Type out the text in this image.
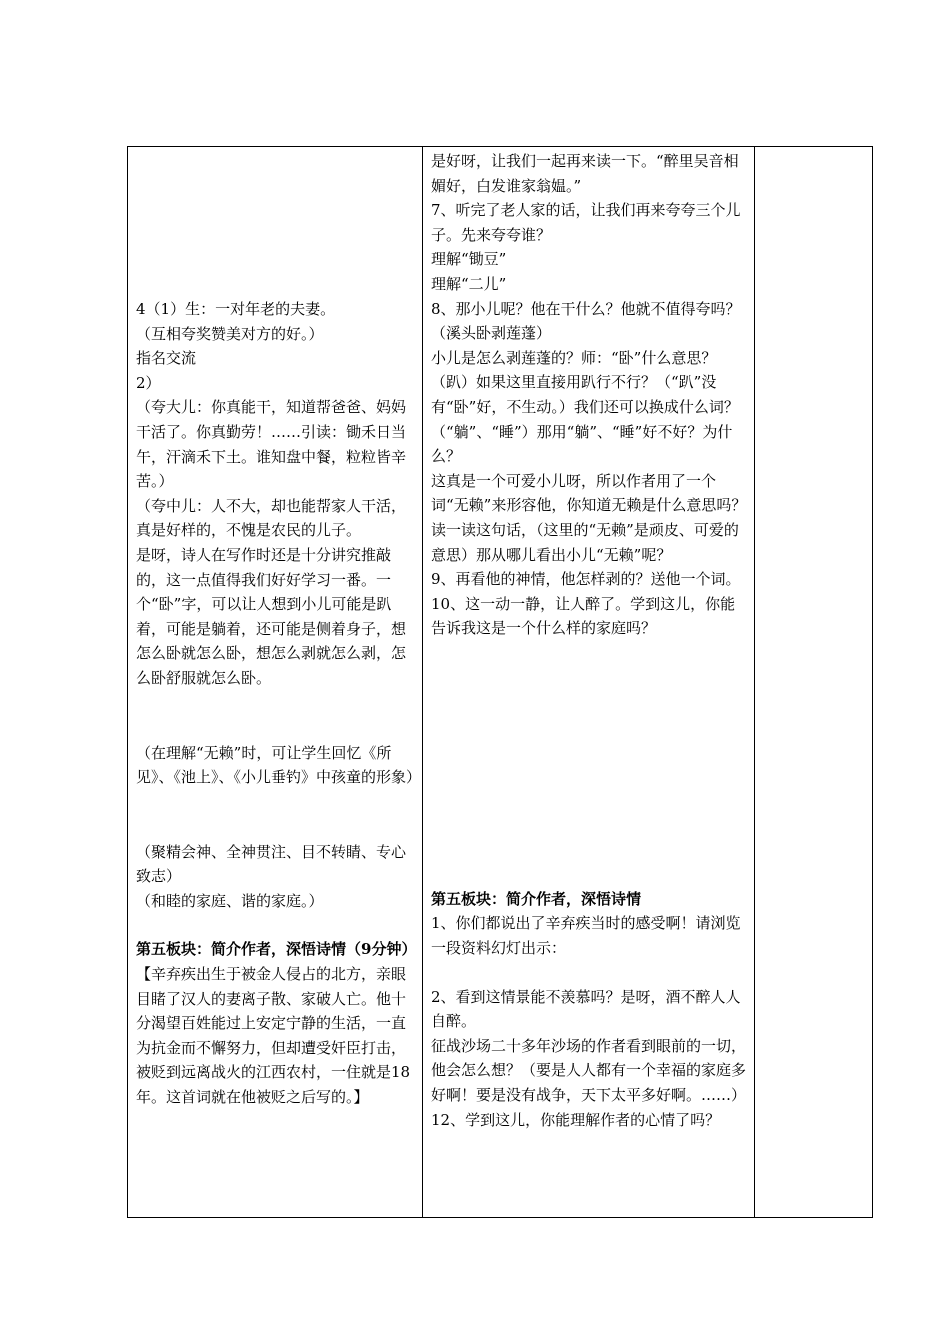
4（1）生：一对年老的夫妻。
（互相夸奖赞美对方的好。）
指名交流
2）
（夸大儿：你真能干，知道帮爸爸、妈妈干活了。你真勤劳！……引读：锄禾日当午，汗滴禾下土。谁知盘中餐，粒粒皆辛苦。）
（夸中儿：人不大，却也能帮家人干活，真是好样的，不愧是农民的儿子。
是呀，诗人在写作时还是十分讲究推敲的，这一点值得我们好好学习一番。一个“卧”字，可以让人想到小儿可能是趴着，可能是躺着，还可能是侧着身子，想怎么卧就怎么卧，想怎么剥就怎么剥，怎么卧舒服就怎么卧。
（在理解“无赖”时，可让学生回忆《所见》、《池上》、《小儿垂钓》中孩童的形象）
（聚精会神、全神贯注、目不转睛、专心致志）
（和睦的家庭、谐的家庭。）
第五板块：简介作者，深悟诗情（9分钟）
【辛弃疾出生于被金人侵占的北方，亲眼目睹了汉人的妻离子散、家破人亡。他十分渴望百姓能过上安定宁静的生活，一直为抗金而不懈努力，但却遭受奸臣打击，被贬到远离战火的江西农村，一住就是18年。这首词就在他被贬之后写的。】

是好呀，让我们一起再来读一下。“醉里吴音相媚好，白发谁家翁媪。”
7、听完了老人家的话，让我们再来夸夸三个儿子。先来夸夸谁？
理解“锄豆”
理解“二儿”
8、那小儿呢？他在干什么？他就不值得夸吗？（溪头卧剥莲蓬）
小儿是怎么剥莲蓬的？师：“卧”什么意思？（趴）如果这里直接用趴行不行？（“趴”没有“卧”好，不生动。）我们还可以换成什么词？（“躺”、“睡”）那用“躺”、“睡”好不好？为什么？
这真是一个可爱小儿呀，所以作者用了一个词“无赖”来形容他，你知道无赖是什么意思吗？读一读这句话，（这里的“无赖”是顽皮、可爱的意思）那从哪儿看出小儿“无赖”呢？
9、再看他的神情，他怎样剥的？送他一个词。
10、这一动一静，让人醉了。学到这儿，你能告诉我这是一个什么样的家庭吗？
第五板块：简介作者，深悟诗情
1、你们都说出了辛弃疾当时的感受啊！请浏览一段资料幻灯出示：
2、看到这情景能不羡慕吗？是呀，酒不醉人人自醉。
征战沙场二十多年沙场的作者看到眼前的一切，他会怎么想？（要是人人都有一个幸福的家庭多好啊！要是没有战争，天下太平多好啊。……）
12、学到这儿，你能理解作者的心情了吗？
